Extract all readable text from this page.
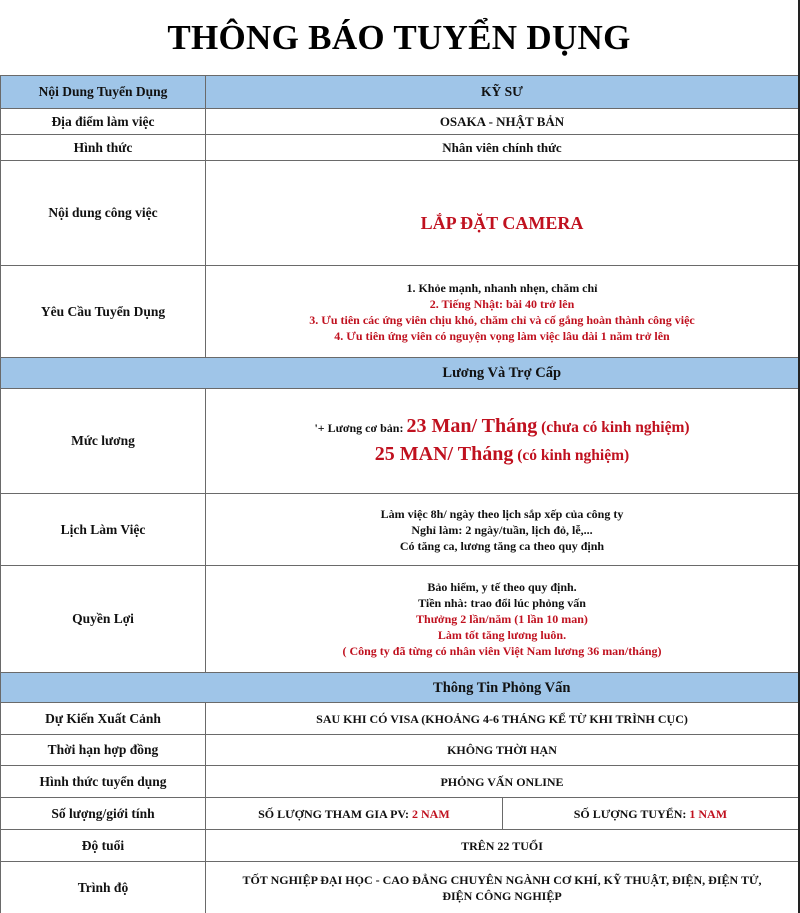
THÔNG BÁO TUYỂN DỤNG
Nội Dung Tuyển Dụng	KỸ SƯ	
Địa điểm làm việc	OSAKA - NHẬT BẢN	
Hình thức	Nhân viên chính thức	
Nội dung công việc	LẮP ĐẶT CAMERA	
Yêu Cầu Tuyển Dụng	1. Khỏe mạnh, nhanh nhẹn, chăm chỉ
2. Tiếng Nhật: bài 40 trở lên
3. Ưu tiên các ứng viên chịu khó, chăm chỉ và cố gắng hoàn thành công việc
4. Ưu tiên ứng viên có nguyện vọng làm việc lâu dài 1 năm trở lên	

	Lương Và Trợ Cấp	
Mức lương	'+ Lương cơ bản: 23 Man/ Tháng (chưa có kinh nghiệm)
25 MAN/ Tháng (có kinh nghiệm)	

Lịch Làm Việc	Làm việc 8h/ ngày theo lịch sắp xếp của công ty
Nghỉ làm: 2 ngày/tuần, lịch đỏ, lễ,...
Có tăng ca, lương tăng ca theo quy định	

Quyền Lợi	Bảo hiểm, y tế theo quy định.
Tiền nhà: trao đổi lúc phỏng vấn
Thưởng 2 lần/năm (1 lần 10 man)
Làm tốt tăng lương luôn.
( Công ty đã từng có nhân viên Việt Nam lương 36 man/tháng)	

	Thông Tin Phỏng Vấn	
Dự Kiến Xuất Cảnh	SAU KHI CÓ VISA (KHOẢNG 4-6 THÁNG KỂ TỪ KHI TRÌNH CỤC)	
Thời hạn hợp đồng	KHÔNG THỜI HẠN	
Hình thức tuyển dụng	PHỎNG VẤN ONLINE	
Số lượng/giới tính	SỐ LƯỢNG THAM GIA PV: 2 NAM	SỐ LƯỢNG TUYỂN: 1 NAM
Độ tuổi	TRÊN 22 TUỔI	
Trình độ	TỐT NGHIỆP ĐẠI HỌC - CAO ĐẲNG CHUYÊN NGÀNH CƠ KHÍ, KỸ THUẬT, ĐIỆN, ĐIỆN TỬ,
ĐIỆN CÔNG NGHIỆP	
